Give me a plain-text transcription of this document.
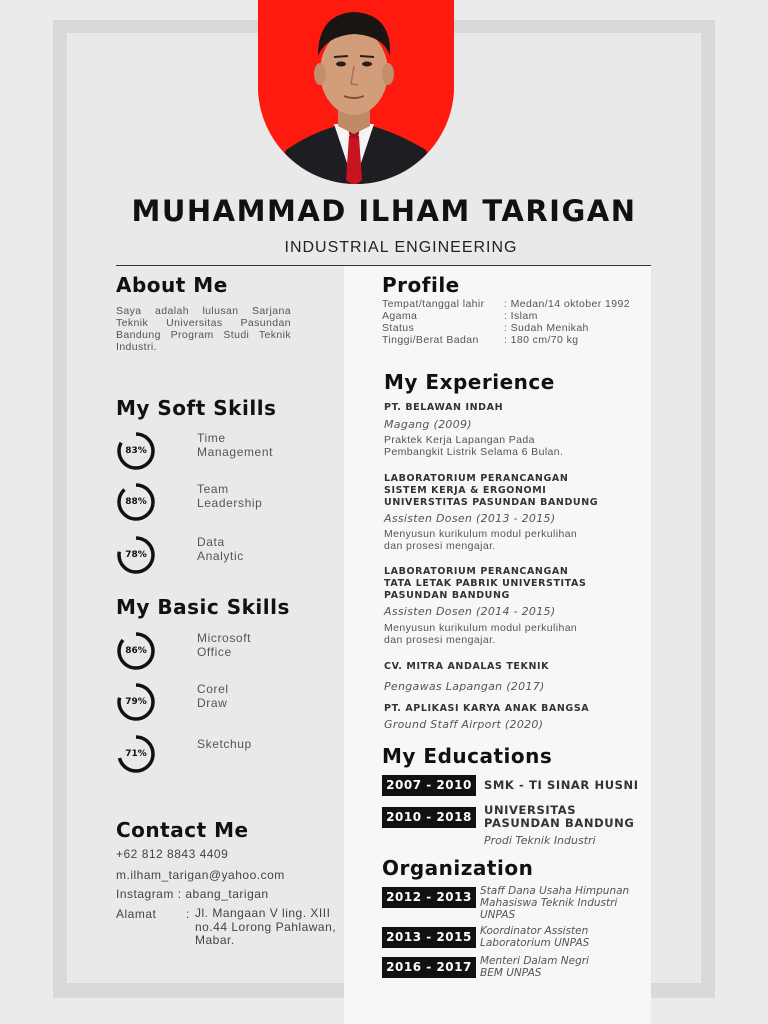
MUHAMMAD ILHAM TARIGAN
INDUSTRIAL ENGINEERING
About Me
Saya adalah lulusan Sarjana Teknik Universitas Pasundan Bandung Program Studi Teknik Industri.
My Soft Skills
83%
Time
Management
88%
Team
Leadership
78%
Data
Analytic
My Basic Skills
86%
Microsoft
Office
79%
Corel
Draw
71%
Sketchup
Contact Me
+62 812 8843 4409
m.ilham_tarigan@yahoo.com
Instagram : abang_tarigan
Alamat : Jl. Mangaan V ling. XIII
no.44 Lorong Pahlawan,
Mabar.
Profile
Tempat/tanggal lahir : Medan/14 oktober 1992
Agama	: Islam
Status	: Sudah Menikah
Tinggi/Berat Badan : 180 cm/70 kg
My Experience
PT. BELAWAN INDAH
Magang (2009)
Praktek Kerja Lapangan Pada
Pembangkit Listrik Selama 6 Bulan.
LABORATORIUM PERANCANGAN
SISTEM KERJA & ERGONOMI
UNIVERSTITAS PASUNDAN BANDUNG
Assisten Dosen (2013 - 2015)
Menyusun kurikulum modul perkulihan
dan prosesi mengajar.
LABORATORIUM PERANCANGAN
TATA LETAK PABRIK UNIVERSTITAS
PASUNDAN BANDUNG
Assisten Dosen (2014 - 2015)
Menyusun kurikulum modul perkulihan
dan prosesi mengajar.
CV. MITRA ANDALAS TEKNIK
Pengawas Lapangan (2017)
PT. APLIKASI KARYA ANAK BANGSA
Ground Staff Airport (2020)
My Educations
2007 - 2010	SMK - TI SINAR HUSNI
2010 - 2018	UNIVERSITAS
PASUNDAN BANDUNG
Prodi Teknik Industri
Organization
2012 - 2013 Staff Dana Usaha Himpunan
Mahasiswa Teknik Industri
UNPAS
2013 - 2015 Koordinator Assisten
Laboratorium UNPAS
2016 - 2017 Menteri Dalam Negri
BEM UNPAS
